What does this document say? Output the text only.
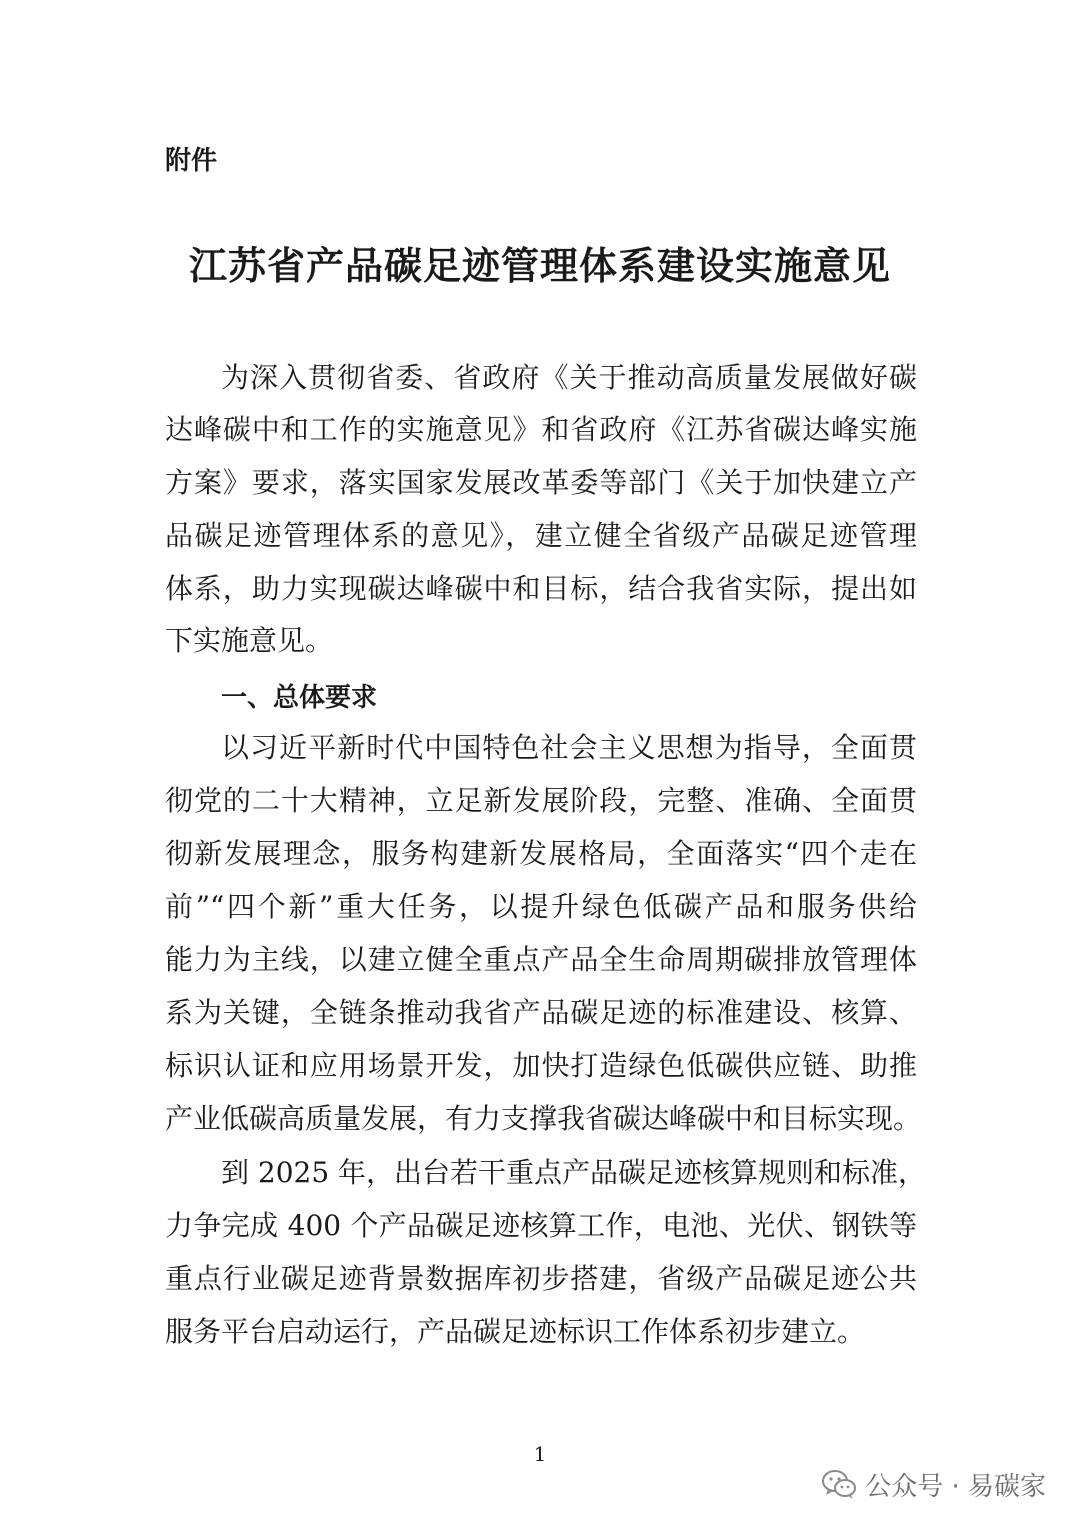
附件
江苏省产品碳足迹管理体系建设实施意见
为深入贯彻省委、省政府《关于推动高质量发展做好碳
达峰碳中和工作的实施意见》和省政府《江苏省碳达峰实施
方案》要求，落实国家发展改革委等部门《关于加快建立产
品碳足迹管理体系的意见》，建立健全省级产品碳足迹管理
体系，助力实现碳达峰碳中和目标，结合我省实际，提出如
下实施意见。
一、总体要求
以习近平新时代中国特色社会主义思想为指导，全面贯
彻党的二十大精神，立足新发展阶段，完整、准确、全面贯
彻新发展理念，服务构建新发展格局，全面落实“四个走在
前”“四个新”重大任务，以提升绿色低碳产品和服务供给
能力为主线，以建立健全重点产品全生命周期碳排放管理体
系为关键，全链条推动我省产品碳足迹的标准建设、核算、
标识认证和应用场景开发，加快打造绿色低碳供应链、助推
产业低碳高质量发展，有力支撑我省碳达峰碳中和目标实现。
到 2025 年，出台若干重点产品碳足迹核算规则和标准，
力争完成 400 个产品碳足迹核算工作，电池、光伏、钢铁等
重点行业碳足迹背景数据库初步搭建，省级产品碳足迹公共
服务平台启动运行，产品碳足迹标识工作体系初步建立。
1
公众号 · 易碳家
